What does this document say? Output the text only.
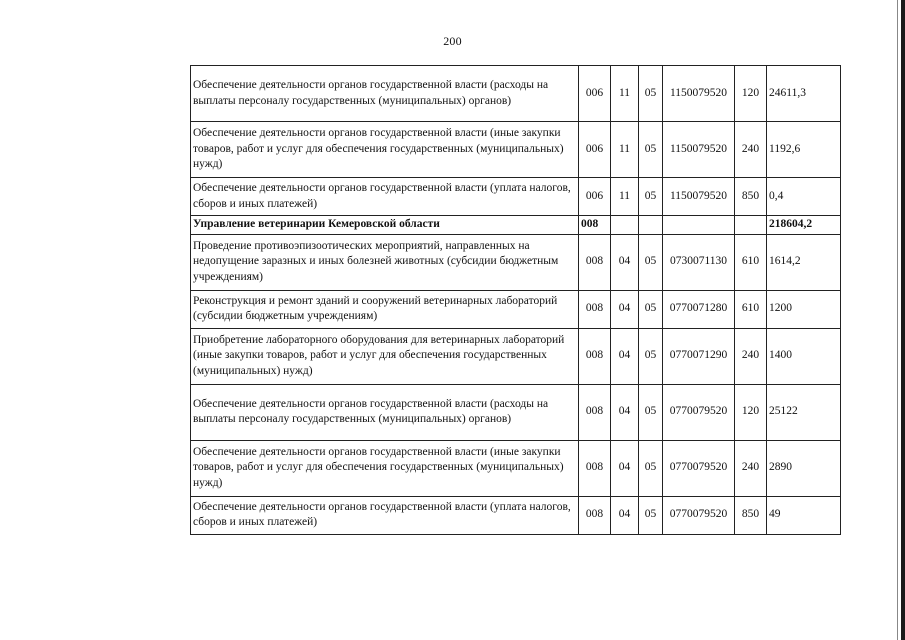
200
Обеспечение деятельности органов государственной власти (расходы на выплаты персоналу государственных (муниципальных) органов)	006	11	05	1150079520	120	24611,3
Обеспечение деятельности органов государственной власти (иные закупки товаров, работ и услуг для обеспечения государственных (муниципальных) нужд)	006	11	05	1150079520	240	1192,6
Обеспечение деятельности органов государственной власти (уплата налогов, сборов и иных платежей)	006	11	05	1150079520	850	0,4
Управление ветеринарии Кемеровской области	008					218604,2
Проведение противоэпизоотических мероприятий, направленных на недопущение заразных и иных болезней животных (субсидии бюджетным учреждениям)	008	04	05	0730071130	610	1614,2
Реконструкция и ремонт зданий и сооружений ветеринарных лабораторий (субсидии бюджетным учреждениям)	008	04	05	0770071280	610	1200
Приобретение лабораторного оборудования для ветеринарных лабораторий (иные закупки товаров, работ и услуг для обеспечения государственных (муниципальных) нужд)	008	04	05	0770071290	240	1400
Обеспечение деятельности органов государственной власти (расходы на выплаты персоналу государственных (муниципальных) органов)	008	04	05	0770079520	120	25122
Обеспечение деятельности органов государственной власти (иные закупки товаров, работ и услуг для обеспечения государственных (муниципальных) нужд)	008	04	05	0770079520	240	2890
Обеспечение деятельности органов государственной власти (уплата налогов, сборов и иных платежей)	008	04	05	0770079520	850	49
